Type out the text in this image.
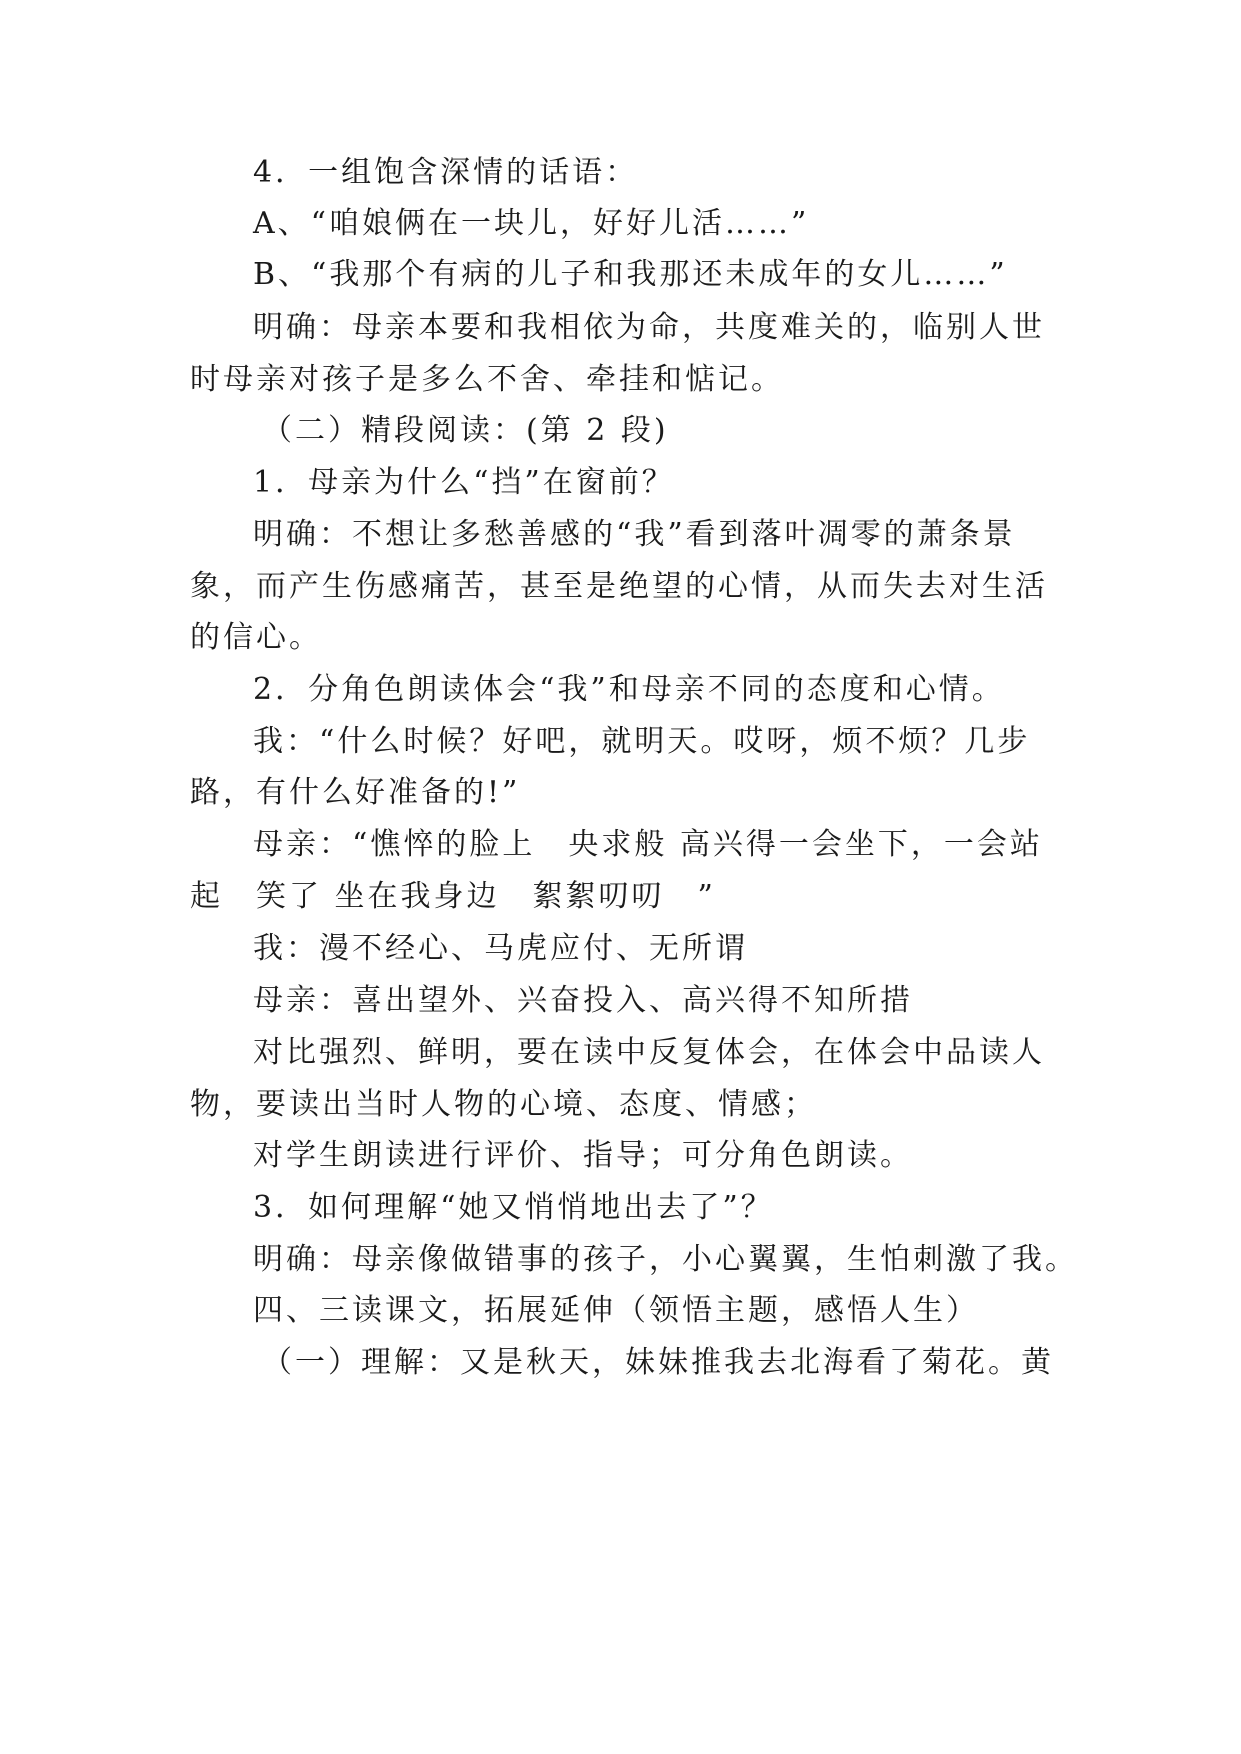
4．一组饱含深情的话语：
A、“咱娘俩在一块儿，好好儿活……”
B、“我那个有病的儿子和我那还未成年的女儿……”
明确：母亲本要和我相依为命，共度难关的，临别人世
时母亲对孩子是多么不舍、牵挂和惦记。
（二）精段阅读：(第 2 段)
1．母亲为什么“挡”在窗前？
明确：不想让多愁善感的“我”看到落叶凋零的萧条景
象，而产生伤感痛苦，甚至是绝望的心情，从而失去对生活
的信心。
2．分角色朗读体会“我”和母亲不同的态度和心情。
我：“什么时候？好吧，就明天。哎呀，烦不烦？几步
路，有什么好准备的!”
母亲：“憔悴的脸上　央求般 高兴得一会坐下，一会站
起　笑了 坐在我身边　絮絮叨叨　”
我：漫不经心、马虎应付、无所谓
母亲：喜出望外、兴奋投入、高兴得不知所措
对比强烈、鲜明，要在读中反复体会，在体会中品读人
物，要读出当时人物的心境、态度、情感；
对学生朗读进行评价、指导；可分角色朗读。
3．如何理解“她又悄悄地出去了”？
明确：母亲像做错事的孩子，小心翼翼，生怕刺激了我。
四、三读课文，拓展延伸（领悟主题，感悟人生）
（一）理解：又是秋天，妹妹推我去北海看了菊花。黄
